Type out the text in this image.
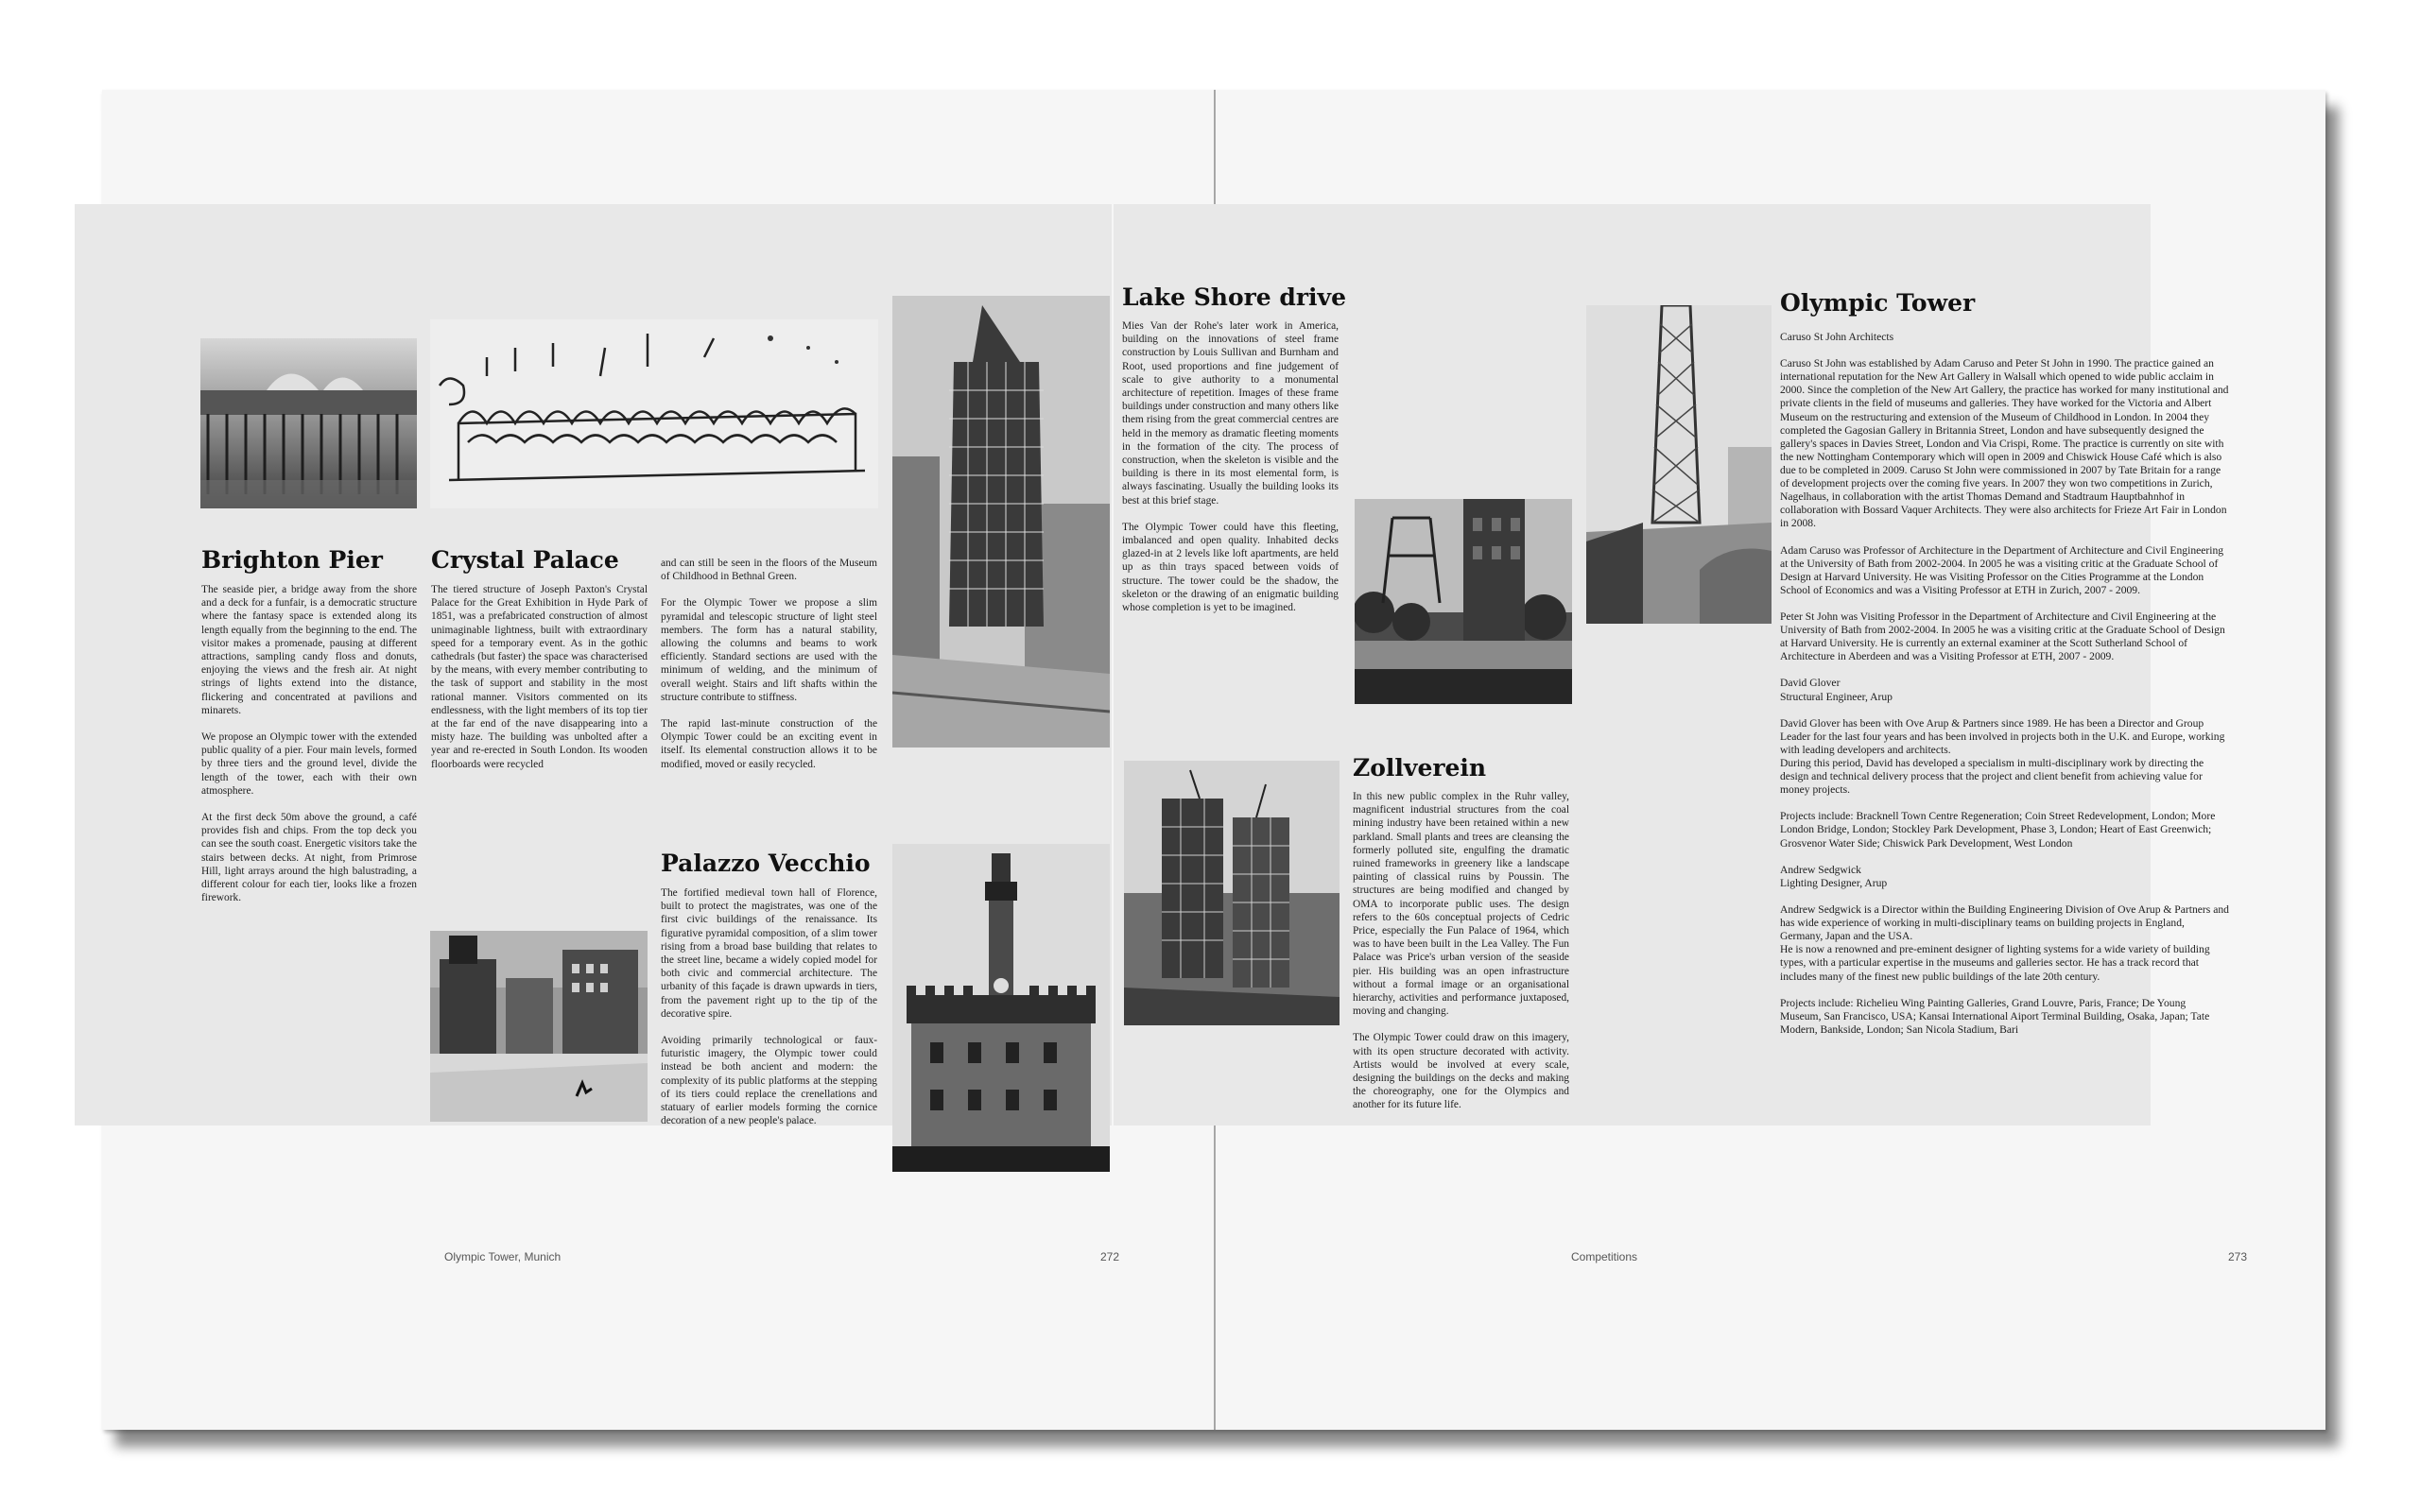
Brighton Pier

The seaside pier, a bridge away from the shore and a deck for a funfair, is a democratic structure where the fantasy space is extended along its length equally from the beginning to the end. The visitor makes a promenade, pausing at different attractions, sampling candy floss and donuts, enjoying the views and the fresh air. At night strings of lights extend into the distance, flickering and concentrated at pavilions and minarets.

We propose an Olympic tower with the extended public quality of a pier. Four main levels, formed by three tiers and the ground level, divide the length of the tower, each with their own atmosphere.

At the first deck 50m above the ground, a café provides fish and chips. From the top deck you can see the south coast. Energetic visitors take the stairs between decks. At night, from Primrose Hill, light arrays around the high balustrading, a different colour for each tier, looks like a frozen firework.

Crystal Palace

The tiered structure of Joseph Paxton's Crystal Palace for the Great Exhibition in Hyde Park of 1851, was a prefabricated construction of almost unimaginable lightness, built with extraordinary speed for a temporary event. As in the gothic cathedrals (but faster) the space was characterised by the means, with every member contributing to the task of support and stability in the most rational manner. Visitors commented on its endlessness, with the light members of its top tier at the far end of the nave disappearing into a misty haze. The building was unbolted after a year and re-erected in South London. Its wooden floorboards were recycled

and can still be seen in the floors of the Museum of Childhood in Bethnal Green.

For the Olympic Tower we propose a slim pyramidal and telescopic structure of light steel members. The form has a natural stability, allowing the columns and beams to work efficiently. Standard sections are used with the minimum of welding, and the minimum of overall weight. Stairs and lift shafts within the structure contribute to stiffness.

The rapid last-minute construction of the Olympic Tower could be an exciting event in itself. Its elemental construction allows it to be modified, moved or easily recycled.

Palazzo Vecchio

The fortified medieval town hall of Florence, built to protect the magistrates, was one of the first civic buildings of the renaissance. Its figurative pyramidal composition, of a slim tower rising from a broad base building that relates to the street line, became a widely copied model for both civic and commercial architecture. The urbanity of this façade is drawn upwards in tiers, from the pavement right up to the tip of the decorative spire.

Avoiding primarily technological or faux-futuristic imagery, the Olympic tower could instead be both ancient and modern: the complexity of its public platforms at the stepping of its tiers could replace the crenellations and statuary of earlier models forming the cornice decoration of a new people's palace.

Lake Shore drive

Mies Van der Rohe's later work in America, building on the innovations of steel frame construction by Louis Sullivan and Burnham and Root, used proportions and fine judgement of scale to give authority to a monumental architecture of repetition. Images of these frame buildings under construction and many others like them rising from the great commercial centres are held in the memory as dramatic fleeting moments in the formation of the city. The process of construction, when the skeleton is visible and the building is there in its most elemental form, is always fascinating. Usually the building looks its best at this brief stage.

The Olympic Tower could have this fleeting, imbalanced and open quality. Inhabited decks glazed-in at 2 levels like loft apartments, are held up as thin trays spaced between voids of structure. The tower could be the shadow, the skeleton or the drawing of an enigmatic building whose completion is yet to be imagined.

Zollverein

In this new public complex in the Ruhr valley, magnificent industrial structures from the coal mining industry have been retained within a new parkland. Small plants and trees are cleansing the formerly polluted site, engulfing the dramatic ruined frameworks in greenery like a landscape painting of classical ruins by Poussin. The structures are being modified and changed by OMA to incorporate public uses. The design refers to the 60s conceptual projects of Cedric Price, especially the Fun Palace of 1964, which was to have been built in the Lea Valley. The Fun Palace was Price's urban version of the seaside pier. His building was an open infrastructure without a formal image or an organisational hierarchy, activities and performance juxtaposed, moving and changing.

The Olympic Tower could draw on this imagery, with its open structure decorated with activity. Artists would be involved at every scale, designing the buildings on the decks and making the choreography, one for the Olympics and another for its future life.

Olympic Tower

Caruso St John Architects

Caruso St John was established by Adam Caruso and Peter St John in 1990. The practice gained an international reputation for the New Art Gallery in Walsall which opened to wide public acclaim in 2000. Since the completion of the New Art Gallery, the practice has worked for many institutional and private clients in the field of museums and galleries. They have worked for the Victoria and Albert Museum on the restructuring and extension of the Museum of Childhood in London. In 2004 they completed the Gagosian Gallery in Britannia Street, London and have subsequently designed the gallery's spaces in Davies Street, London and Via Crispi, Rome. The practice is currently on site with the new Nottingham Contemporary which will open in 2009 and Chiswick House Café which is also due to be completed in 2009. Caruso St John were commissioned in 2007 by Tate Britain for a range of development projects over the coming five years. In 2007 they won two competitions in Zurich, Nagelhaus, in collaboration with the artist Thomas Demand and Stadtraum Hauptbahnhof in collaboration with Bossard Vaquer Architects. They were also architects for Frieze Art Fair in London in 2008.

Adam Caruso was Professor of Architecture in the Department of Architecture and Civil Engineering at the University of Bath from 2002-2004. In 2005 he was a visiting critic at the Graduate School of Design at Harvard University. He was Visiting Professor on the Cities Programme at the London School of Economics and was a Visiting Professor at ETH in Zurich, 2007 - 2009.

Peter St John was Visiting Professor in the Department of Architecture and Civil Engineering at the University of Bath from 2002-2004. In 2005 he was a visiting critic at the Graduate School of Design at Harvard University. He is currently an external examiner at the Scott Sutherland School of Architecture in Aberdeen and was a Visiting Professor at ETH, 2007 - 2009.

David Glover
Structural Engineer, Arup

David Glover has been with Ove Arup & Partners since 1989. He has been a Director and Group Leader for the last four years and has been involved in projects both in the U.K. and Europe, working with leading developers and architects.
During this period, David has developed a specialism in multi-disciplinary work by directing the design and technical delivery process that the project and client benefit from achieving value for money projects.

Projects include: Bracknell Town Centre Regeneration; Coin Street Redevelopment, London; More London Bridge, London; Stockley Park Development, Phase 3, London; Heart of East Greenwich; Grosvenor Water Side; Chiswick Park Development, West London

Andrew Sedgwick
Lighting Designer, Arup

Andrew Sedgwick is a Director within the Building Engineering Division of Ove Arup & Partners and has wide experience of working in multi-disciplinary teams on building projects in England, Germany, Japan and the USA.
He is now a renowned and pre-eminent designer of lighting systems for a wide variety of building types, with a particular expertise in the museums and galleries sector. He has a track record that includes many of the finest new public buildings of the late 20th century.

Projects include: Richelieu Wing Painting Galleries, Grand Louvre, Paris, France; De Young Museum, San Francisco, USA; Kansai International Aiport Terminal Building, Osaka, Japan; Tate Modern, Bankside, London; San Nicola Stadium, Bari

Olympic Tower, Munich	272	Competitions	273
